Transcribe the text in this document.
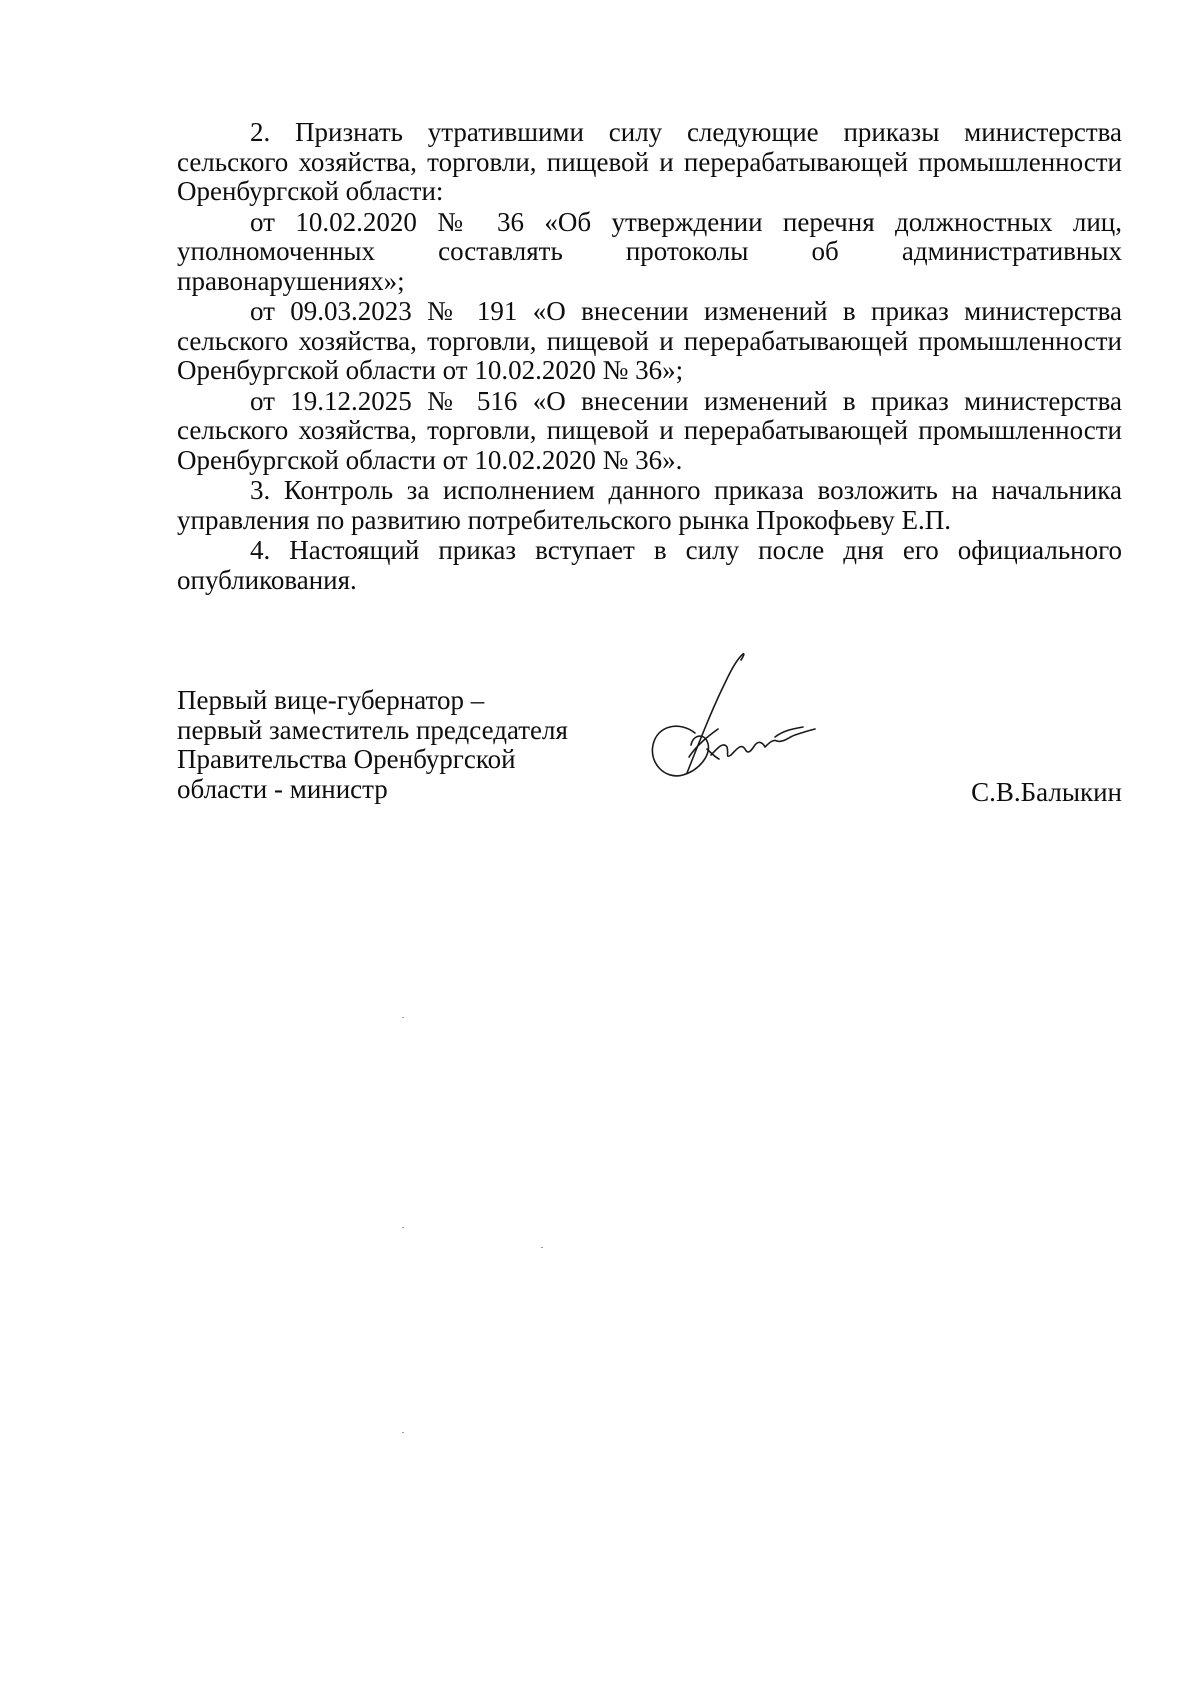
2. Признать утратившими силу следующие приказы министерства сельского хозяйства, торговли, пищевой и перерабатывающей промышленности Оренбургской области:

от 10.02.2020 № 36 «Об утверждении перечня должностных лиц, уполномоченных составлять протоколы об административных правонарушениях»;

от 09.03.2023 № 191 «О внесении изменений в приказ министерства сельского хозяйства, торговли, пищевой и перерабатывающей промышленности Оренбургской области от 10.02.2020 № 36»;

от 19.12.2025 № 516 «О внесении изменений в приказ министерства сельского хозяйства, торговли, пищевой и перерабатывающей промышленности Оренбургской области от 10.02.2020 № 36».

3. Контроль за исполнением данного приказа возложить на начальника управления по развитию потребительского рынка Прокофьеву Е.П.

4. Настоящий приказ вступает в силу после дня его официального опубликования.

Первый вице-губернатор –
первый заместитель председателя
Правительства Оренбургской
области - министр	С.В.Балыкин
